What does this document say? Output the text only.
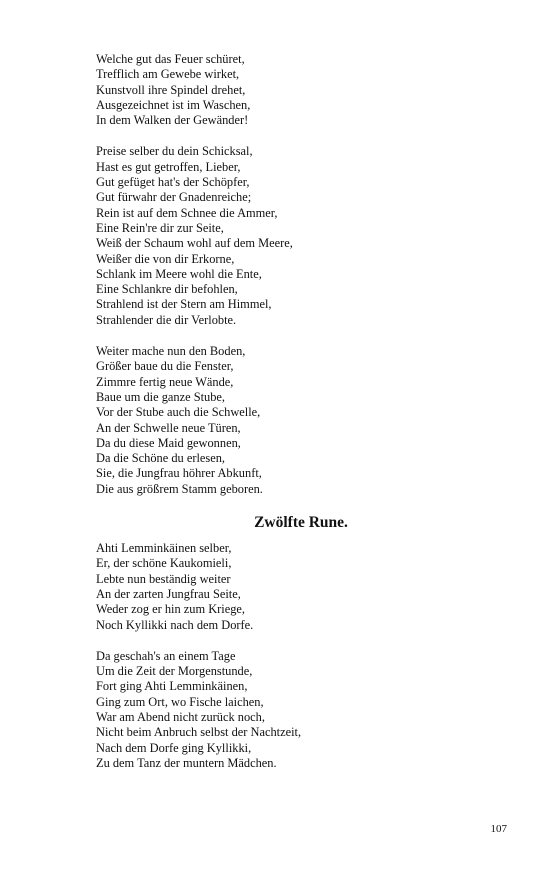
Welche gut das Feuer schüret,
Trefflich am Gewebe wirket,
Kunstvoll ihre Spindel drehet,
Ausgezeichnet ist im Waschen,
In dem Walken der Gewänder!
Preise selber du dein Schicksal,
Hast es gut getroffen, Lieber,
Gut gefüget hat's der Schöpfer,
Gut fürwahr der Gnadenreiche;
Rein ist auf dem Schnee die Ammer,
Eine Rein're dir zur Seite,
Weiß der Schaum wohl auf dem Meere,
Weißer die von dir Erkorne,
Schlank im Meere wohl die Ente,
Eine Schlankre dir befohlen,
Strahlend ist der Stern am Himmel,
Strahlender die dir Verlobte.
Weiter mache nun den Boden,
Größer baue du die Fenster,
Zimmre fertig neue Wände,
Baue um die ganze Stube,
Vor der Stube auch die Schwelle,
An der Schwelle neue Türen,
Da du diese Maid gewonnen,
Da die Schöne du erlesen,
Sie, die Jungfrau höhrer Abkunft,
Die aus größrem Stamm geboren.
Zwölfte Rune.
Ahti Lemminkäinen selber,
Er, der schöne Kaukomieli,
Lebte nun beständig weiter
An der zarten Jungfrau Seite,
Weder zog er hin zum Kriege,
Noch Kyllikki nach dem Dorfe.
Da geschah's an einem Tage
Um die Zeit der Morgenstunde,
Fort ging Ahti Lemminkäinen,
Ging zum Ort, wo Fische laichen,
War am Abend nicht zurück noch,
Nicht beim Anbruch selbst der Nachtzeit,
Nach dem Dorfe ging Kyllikki,
Zu dem Tanz der muntern Mädchen.
107
